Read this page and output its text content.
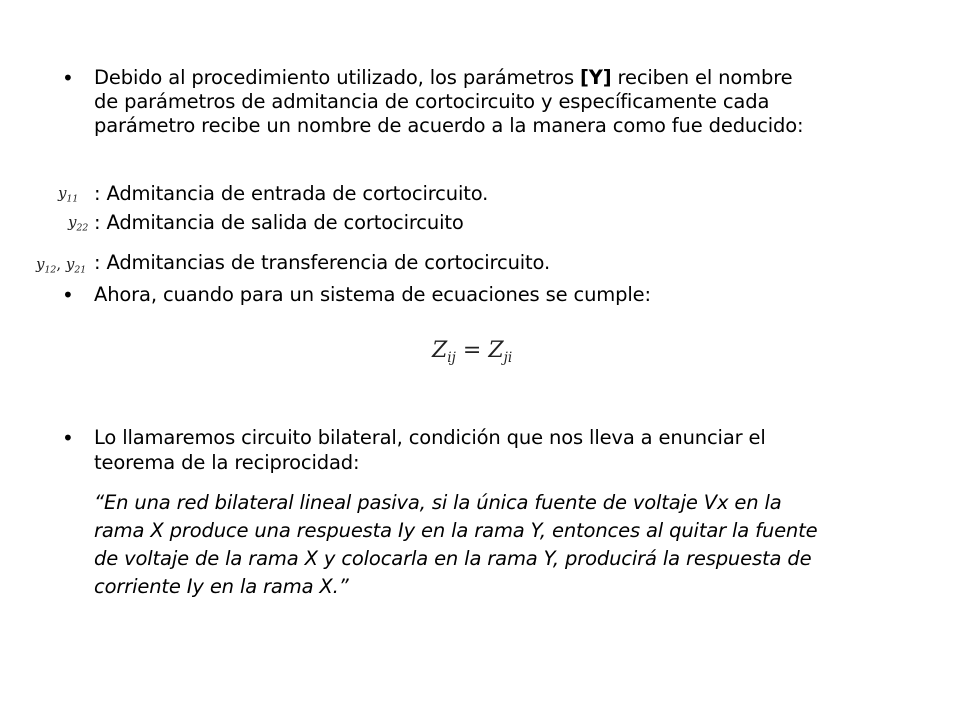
• Debido al procedimiento utilizado, los parámetros [Y] reciben el nombre
de parámetros de admitancia de cortocircuito y específicamente cada
parámetro recibe un nombre de acuerdo a la manera como fue deducido:
$y_{11}$ : Admitancia de entrada de cortocircuito.
$y_{22}$ : Admitancia de salida de cortocircuito
$y_{12}$, $y_{21}$ : Admitancias de transferencia de cortocircuito.
• Ahora, cuando para un sistema de ecuaciones se cumple:
$Z_{ij} = Z_{ji}$
• Lo llamaremos circuito bilateral, condición que nos lleva a enunciar el
teorema de la reciprocidad:
“En una red bilateral lineal pasiva, si la única fuente de voltaje Vx en la
rama X produce una respuesta Iy en la rama Y, entonces al quitar la fuente
de voltaje de la rama X y colocarla en la rama Y, producirá la respuesta de
corriente Iy en la rama X.”
